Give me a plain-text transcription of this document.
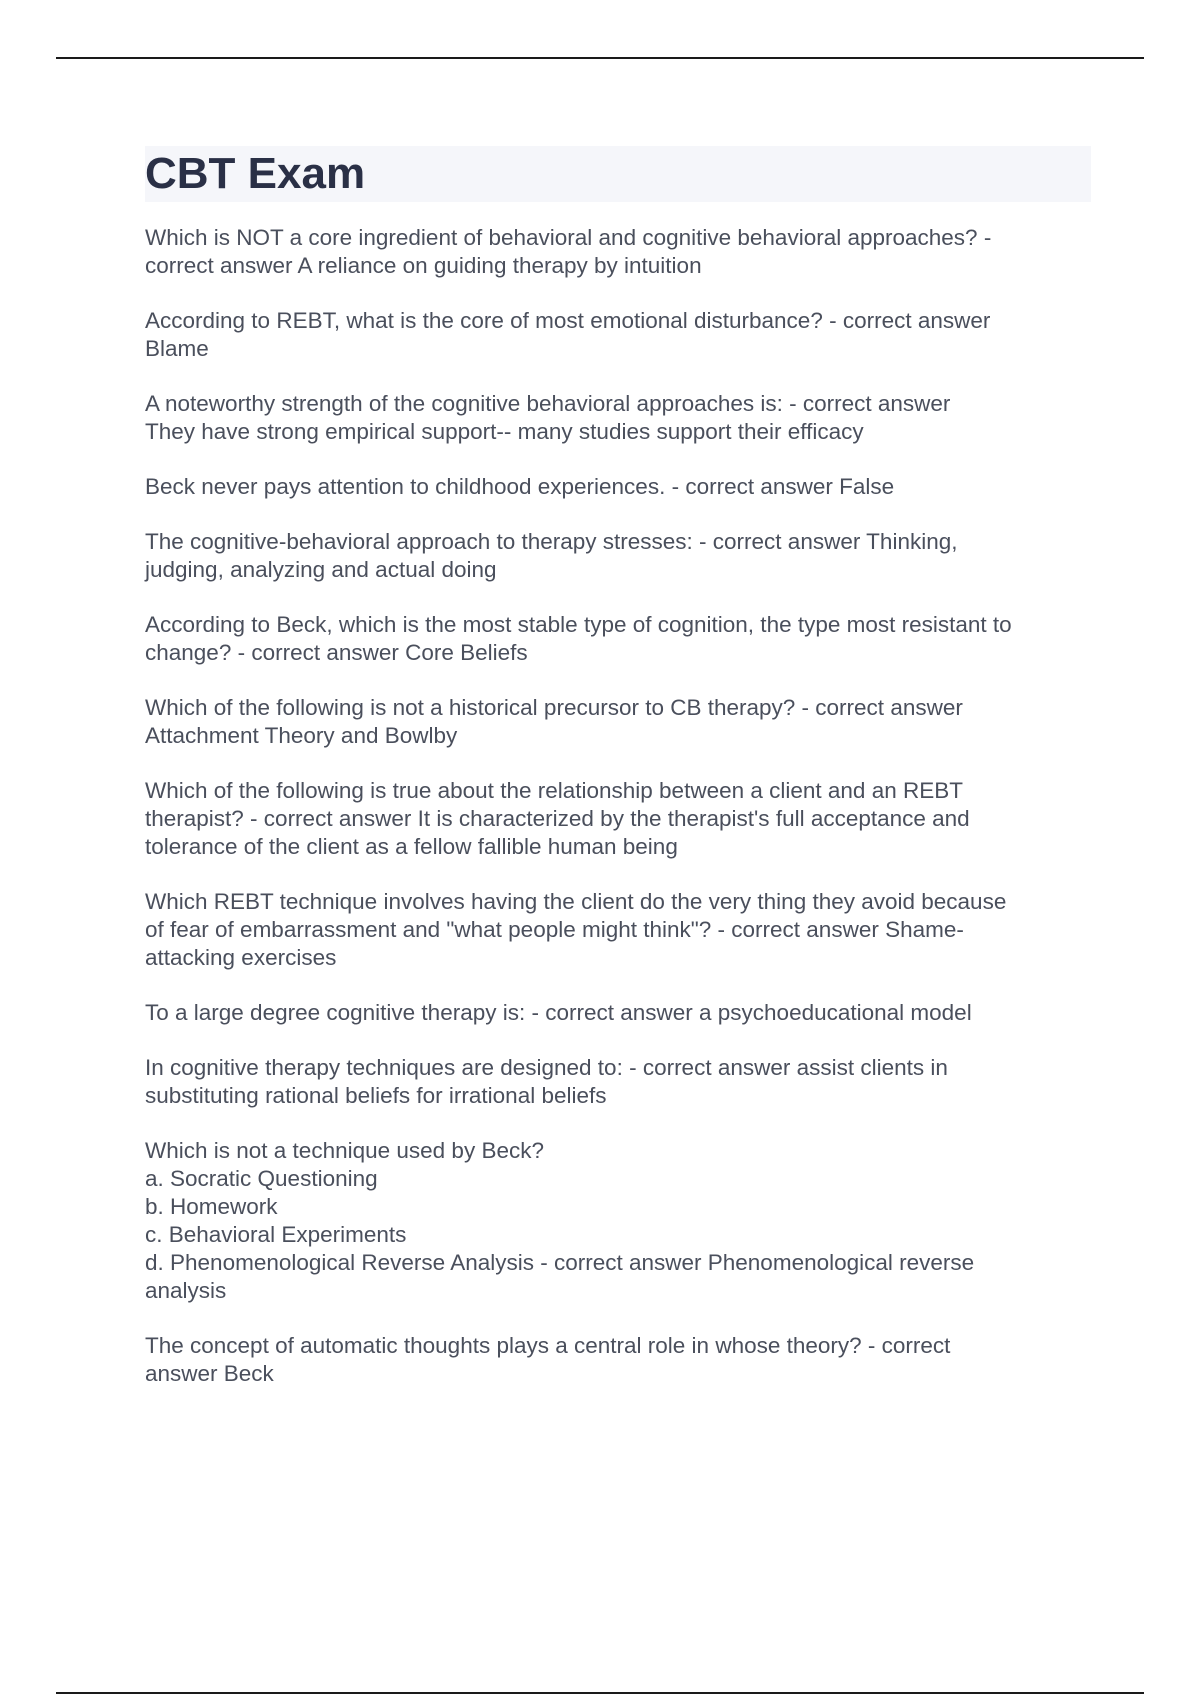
CBT Exam

Which is NOT a core ingredient of behavioral and cognitive behavioral approaches? -
correct answer A reliance on guiding therapy by intuition

According to REBT, what is the core of most emotional disturbance? - correct answer
Blame

A noteworthy strength of the cognitive behavioral approaches is: - correct answer
They have strong empirical support-- many studies support their efficacy

Beck never pays attention to childhood experiences. - correct answer False

The cognitive-behavioral approach to therapy stresses: - correct answer Thinking,
judging, analyzing and actual doing

According to Beck, which is the most stable type of cognition, the type most resistant to
change? - correct answer Core Beliefs

Which of the following is not a historical precursor to CB therapy? - correct answer
Attachment Theory and Bowlby

Which of the following is true about the relationship between a client and an REBT
therapist? - correct answer It is characterized by the therapist's full acceptance and
tolerance of the client as a fellow fallible human being

Which REBT technique involves having the client do the very thing they avoid because
of fear of embarrassment and "what people might think"? - correct answer Shame-
attacking exercises

To a large degree cognitive therapy is: - correct answer a psychoeducational model

In cognitive therapy techniques are designed to: - correct answer assist clients in
substituting rational beliefs for irrational beliefs

Which is not a technique used by Beck?
a. Socratic Questioning
b. Homework
c. Behavioral Experiments
d. Phenomenological Reverse Analysis - correct answer Phenomenological reverse
analysis

The concept of automatic thoughts plays a central role in whose theory? - correct
answer Beck
